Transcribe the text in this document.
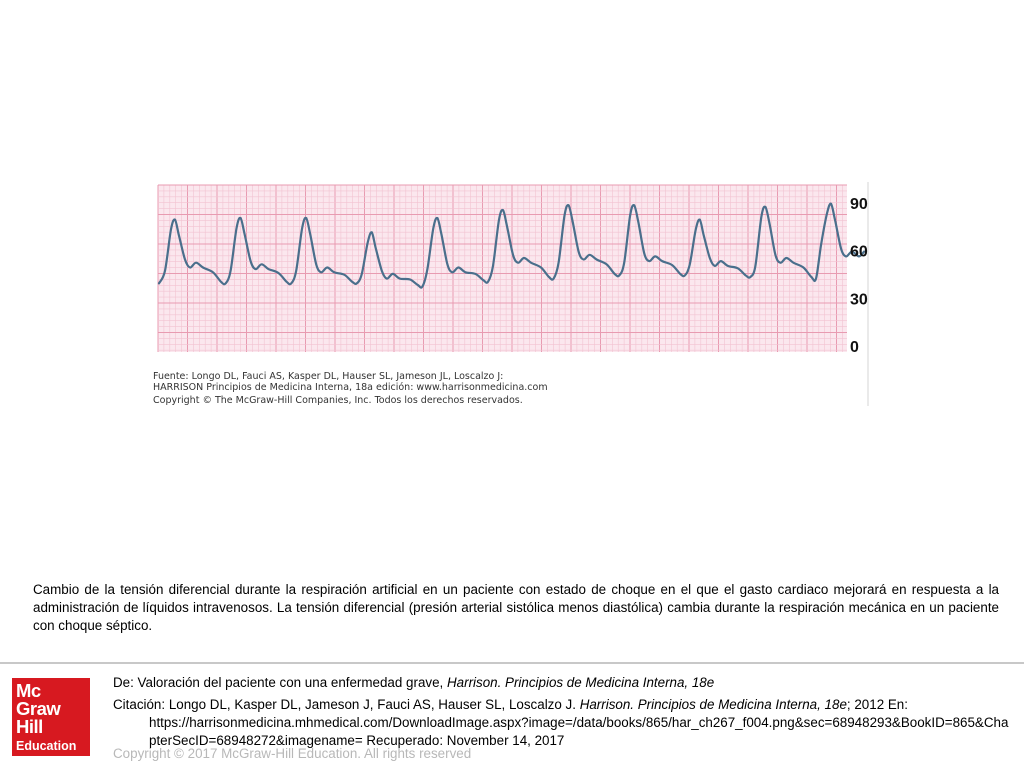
90
60
30
0
Fuente: Longo DL, Fauci AS, Kasper DL, Hauser SL, Jameson JL, Loscalzo J:
HARRISON Principios de Medicina Interna, 18a edición: www.harrisonmedicina.com
Copyright © The McGraw-Hill Companies, Inc. Todos los derechos reservados.
Cambio de la tensión diferencial durante la respiración artificial en un paciente con estado de choque en el que el gasto cardiaco mejorará en respuesta a la administración de líquidos intravenosos. La tensión diferencial (presión arterial sistólica menos diastólica) cambia durante la respiración mecánica en un paciente con choque séptico.
Mc
Graw
Hill
Education
De: Valoración del paciente con una enfermedad grave, Harrison. Principios de Medicina Interna, 18e
Citación: Longo DL, Kasper DL, Jameson J, Fauci AS, Hauser SL, Loscalzo J. Harrison. Principios de Medicina Interna, 18e; 2012 En:
https://harrisonmedicina.mhmedical.com/DownloadImage.aspx?image=/data/books/865/har_ch267_f004.png&sec=68948293&BookID=865&ChapterSecID=68948272&imagename= Recuperado: November 14, 2017
Copyright © 2017 McGraw-Hill Education. All rights reserved
